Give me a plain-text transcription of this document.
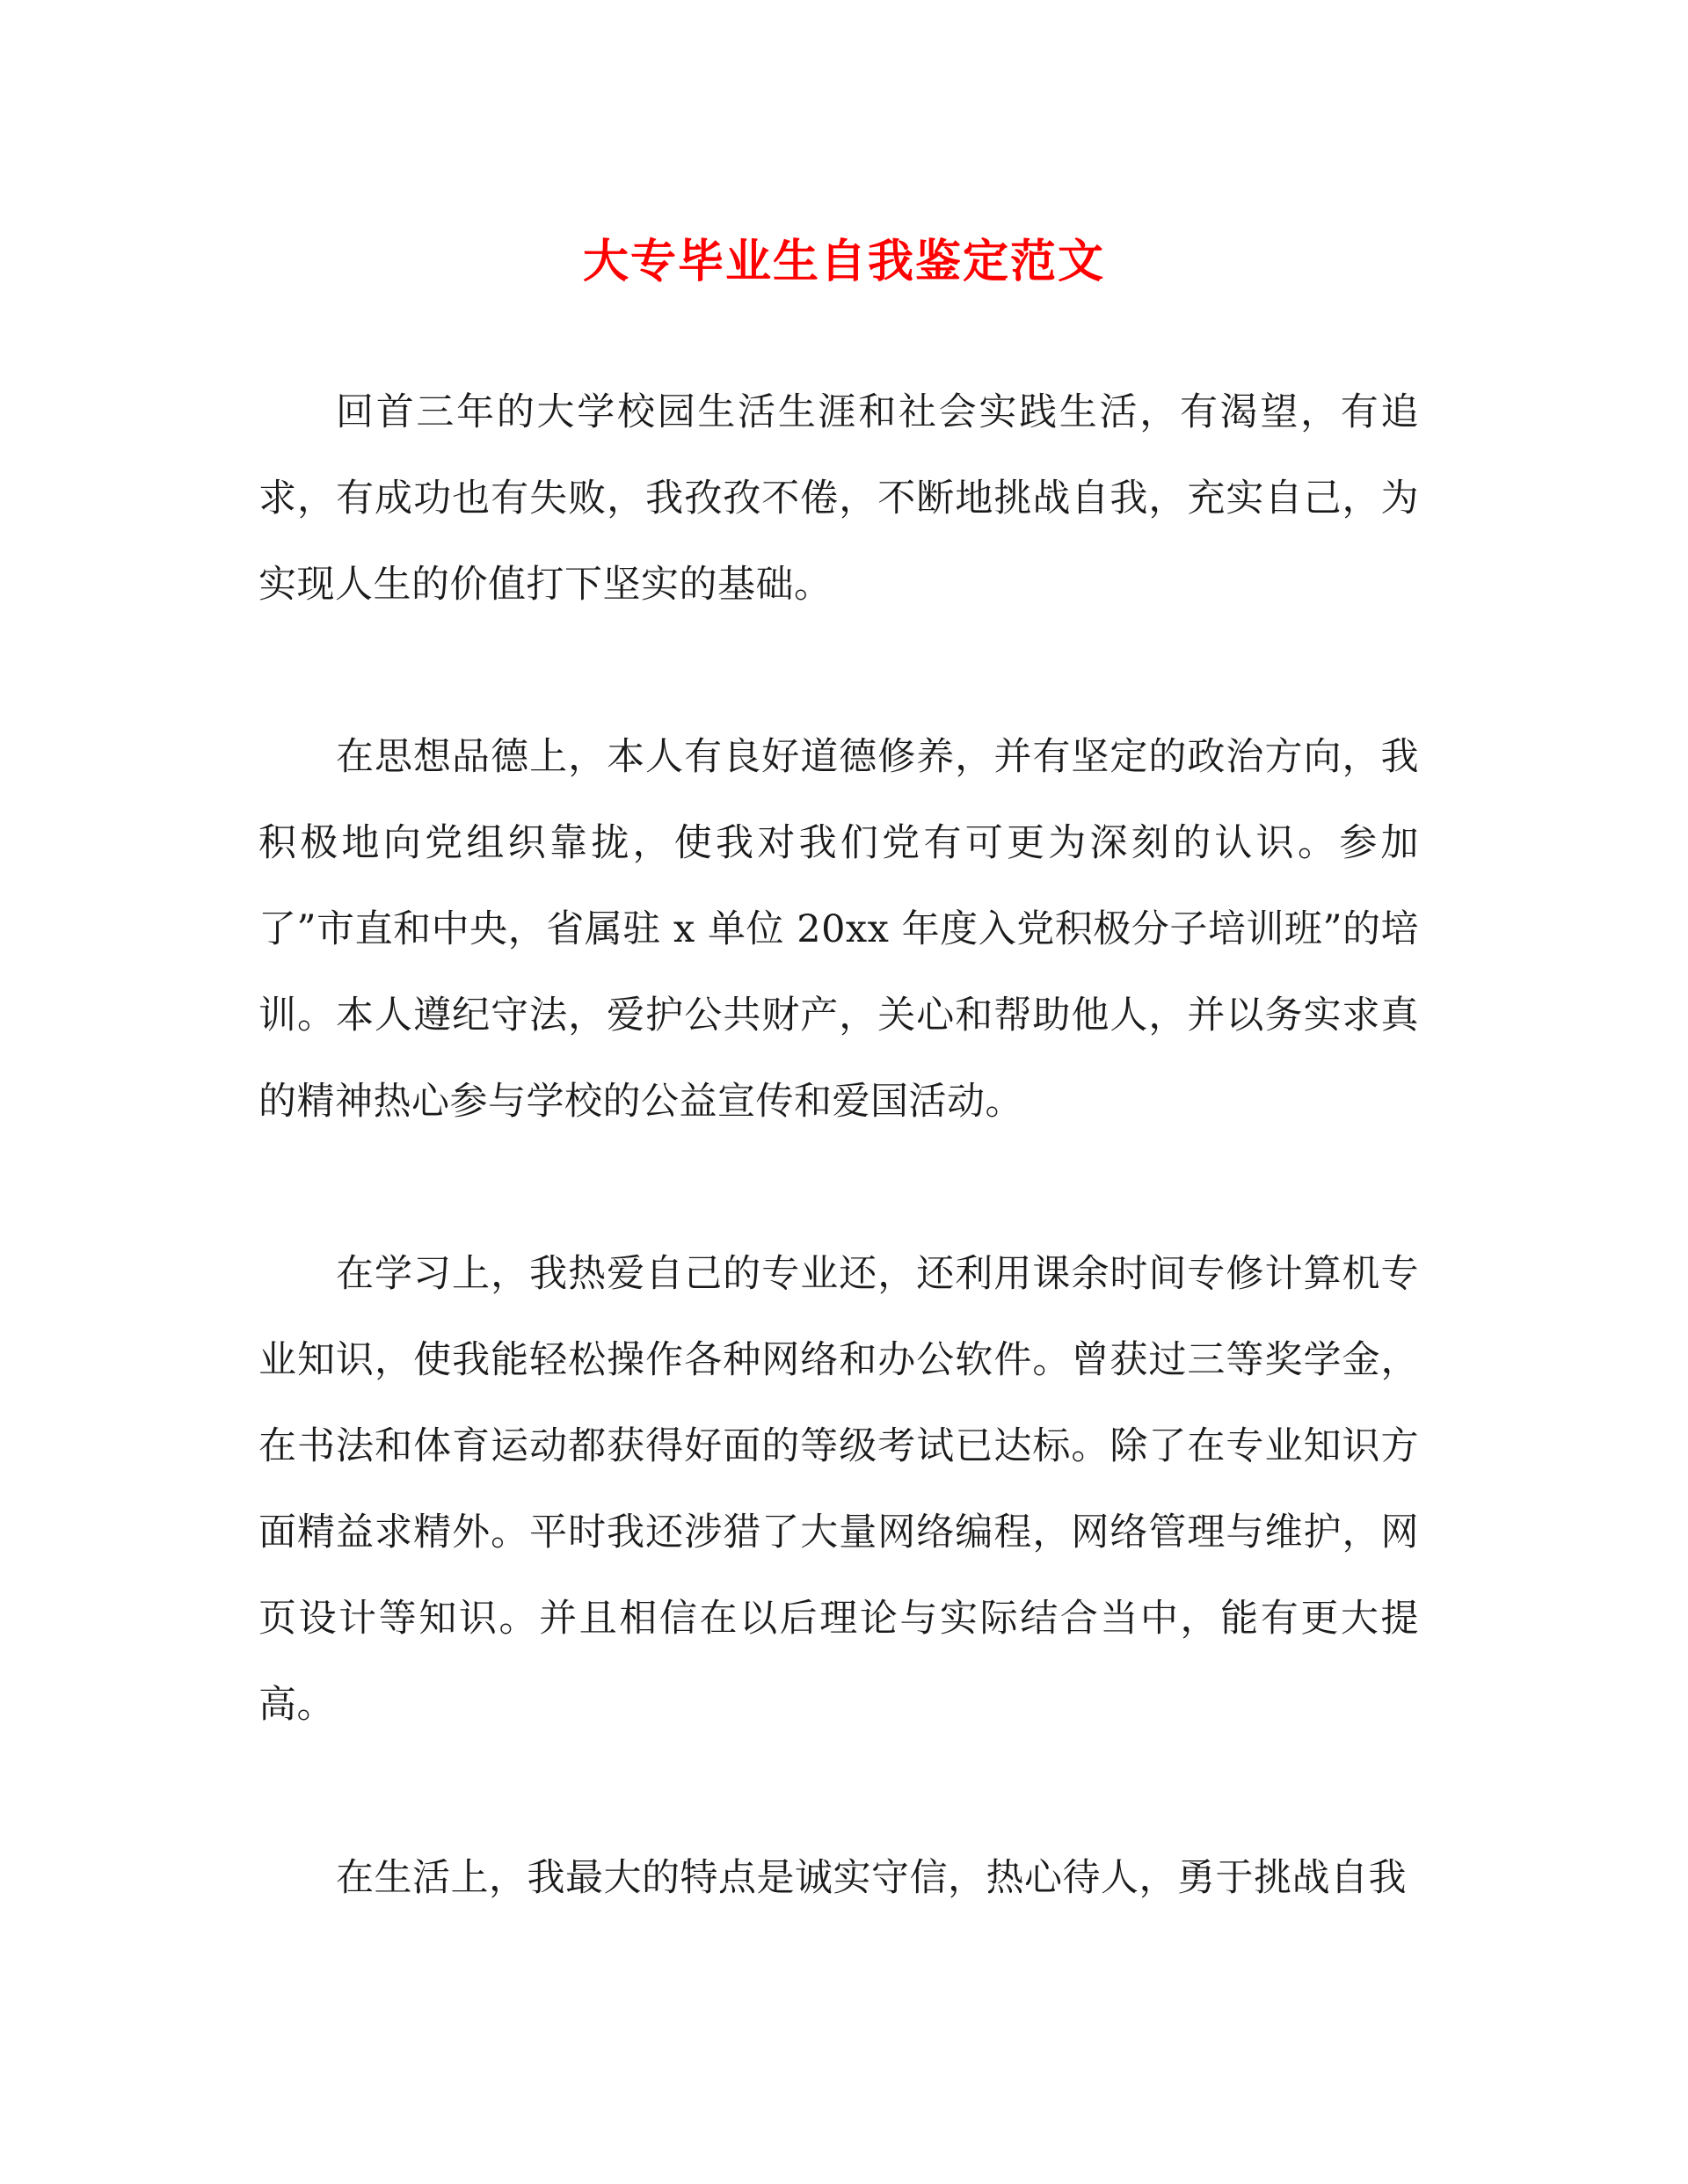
大专毕业生自我鉴定范文

回首三年的大学校园生活生涯和社会实践生活，有渴望，有追求，有成功也有失败，我孜孜不倦，不断地挑战自我，充实自己，为实现人生的价值打下坚实的基础。

在思想品德上，本人有良好道德修养，并有坚定的政治方向，我积极地向党组织靠拢，使我对我们党有可更为深刻的认识。参加了”市直和中央，省属驻 x 单位 20xx 年度入党积极分子培训班”的培训。本人遵纪守法，爱护公共财产，关心和帮助他人，并以务实求真的精神热心参与学校的公益宣传和爱国活动。

在学习上，我热爱自己的专业还，还利用课余时间专修计算机专业知识，使我能轻松操作各种网络和办公软件。曾获过三等奖学金，在书法和体育运动都获得好面的等级考试已达标。除了在专业知识方面精益求精外。平时我还涉猎了大量网络编程，网络管理与维护，网页设计等知识。并且相信在以后理论与实际结合当中，能有更大提高。

在生活上，我最大的特点是诚实守信，热心待人，勇于挑战自我
